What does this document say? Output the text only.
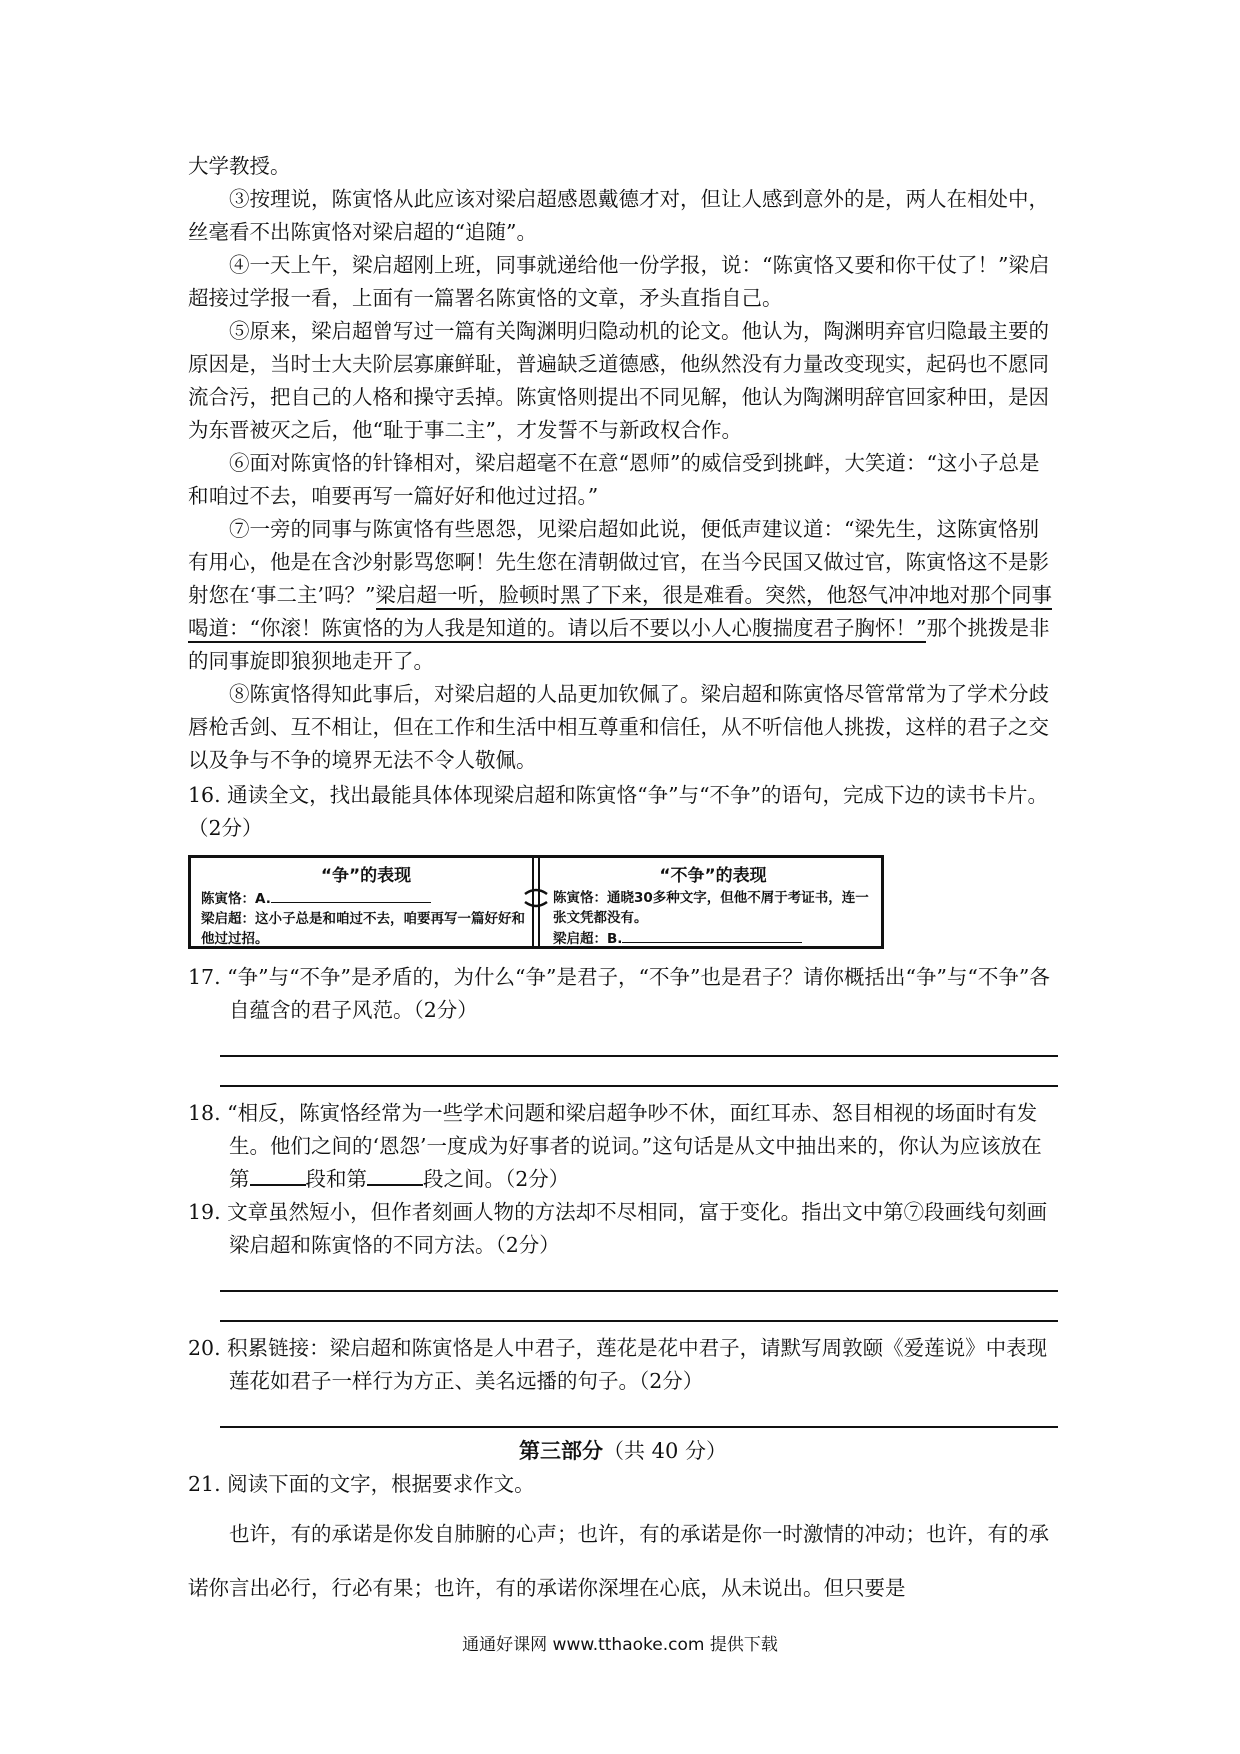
大学教授。

③按理说，陈寅恪从此应该对梁启超感恩戴德才对，但让人感到意外的是，两人在相处中，丝毫看不出陈寅恪对梁启超的“追随”。

④一天上午，梁启超刚上班，同事就递给他一份学报，说：“陈寅恪又要和你干仗了！”梁启超接过学报一看，上面有一篇署名陈寅恪的文章，矛头直指自己。

⑤原来，梁启超曾写过一篇有关陶渊明归隐动机的论文。他认为，陶渊明弃官归隐最主要的原因是，当时士大夫阶层寡廉鲜耻，普遍缺乏道德感，他纵然没有力量改变现实，起码也不愿同流合污，把自己的人格和操守丢掉。陈寅恪则提出不同见解，他认为陶渊明辞官回家种田，是因为东晋被灭之后，他“耻于事二主”，才发誓不与新政权合作。

⑥面对陈寅恪的针锋相对，梁启超毫不在意“恩师”的威信受到挑衅，大笑道：“这小子总是和咱过不去，咱要再写一篇好好和他过过招。”

⑦一旁的同事与陈寅恪有些恩怨，见梁启超如此说，便低声建议道：“梁先生，这陈寅恪别有用心，他是在含沙射影骂您啊！先生您在清朝做过官，在当今民国又做过官，陈寅恪这不是影射您在‘事二主’吗？”梁启超一听，脸顿时黑了下来，很是难看。突然，他怒气冲冲地对那个同事喝道：“你滚！陈寅恪的为人我是知道的。请以后不要以小人心腹揣度君子胸怀！”那个挑拨是非的同事旋即狼狈地走开了。

⑧陈寅恪得知此事后，对梁启超的人品更加钦佩了。梁启超和陈寅恪尽管常常为了学术分歧唇枪舌剑、互不相让，但在工作和生活中相互尊重和信任，从不听信他人挑拨，这样的君子之交以及争与不争的境界无法不令人敬佩。

16. 通读全文，找出最能具体体现梁启超和陈寅恪“争”与“不争”的语句，完成下边的读书卡片。（2分）

“争”的表现
陈寅恪：A.
梁启超：这小子总是和咱过不去，咱要再写一篇好好和他过过招。
“不争”的表现
陈寅恪：通晓30多种文字，但他不屑于考证书，连一张文凭都没有。
梁启超：B.

17. “争”与“不争”是矛盾的，为什么“争”是君子，“不争”也是君子？请你概括出“争”与“不争”各自蕴含的君子风范。（2分）

18. “相反，陈寅恪经常为一些学术问题和梁启超争吵不休，面红耳赤、怒目相视的场面时有发生。他们之间的‘恩怨’一度成为好事者的说词。”这句话是从文中抽出来的，你认为应该放在第	段和第	段之间。（2分）

19. 文章虽然短小，但作者刻画人物的方法却不尽相同，富于变化。指出文中第⑦段画线句刻画梁启超和陈寅恪的不同方法。（2分）

20. 积累链接：梁启超和陈寅恪是人中君子，莲花是花中君子，请默写周敦颐《爱莲说》中表现莲花如君子一样行为方正、美名远播的句子。（2分）

第三部分（共 40 分）

21. 阅读下面的文字，根据要求作文。

也许，有的承诺是你发自肺腑的心声；也许，有的承诺是你一时激情的冲动；也许，有的承诺你言出必行，行必有果；也许，有的承诺你深埋在心底，从未说出。但只要是

通通好课网 www.tthaoke.com 提供下载
